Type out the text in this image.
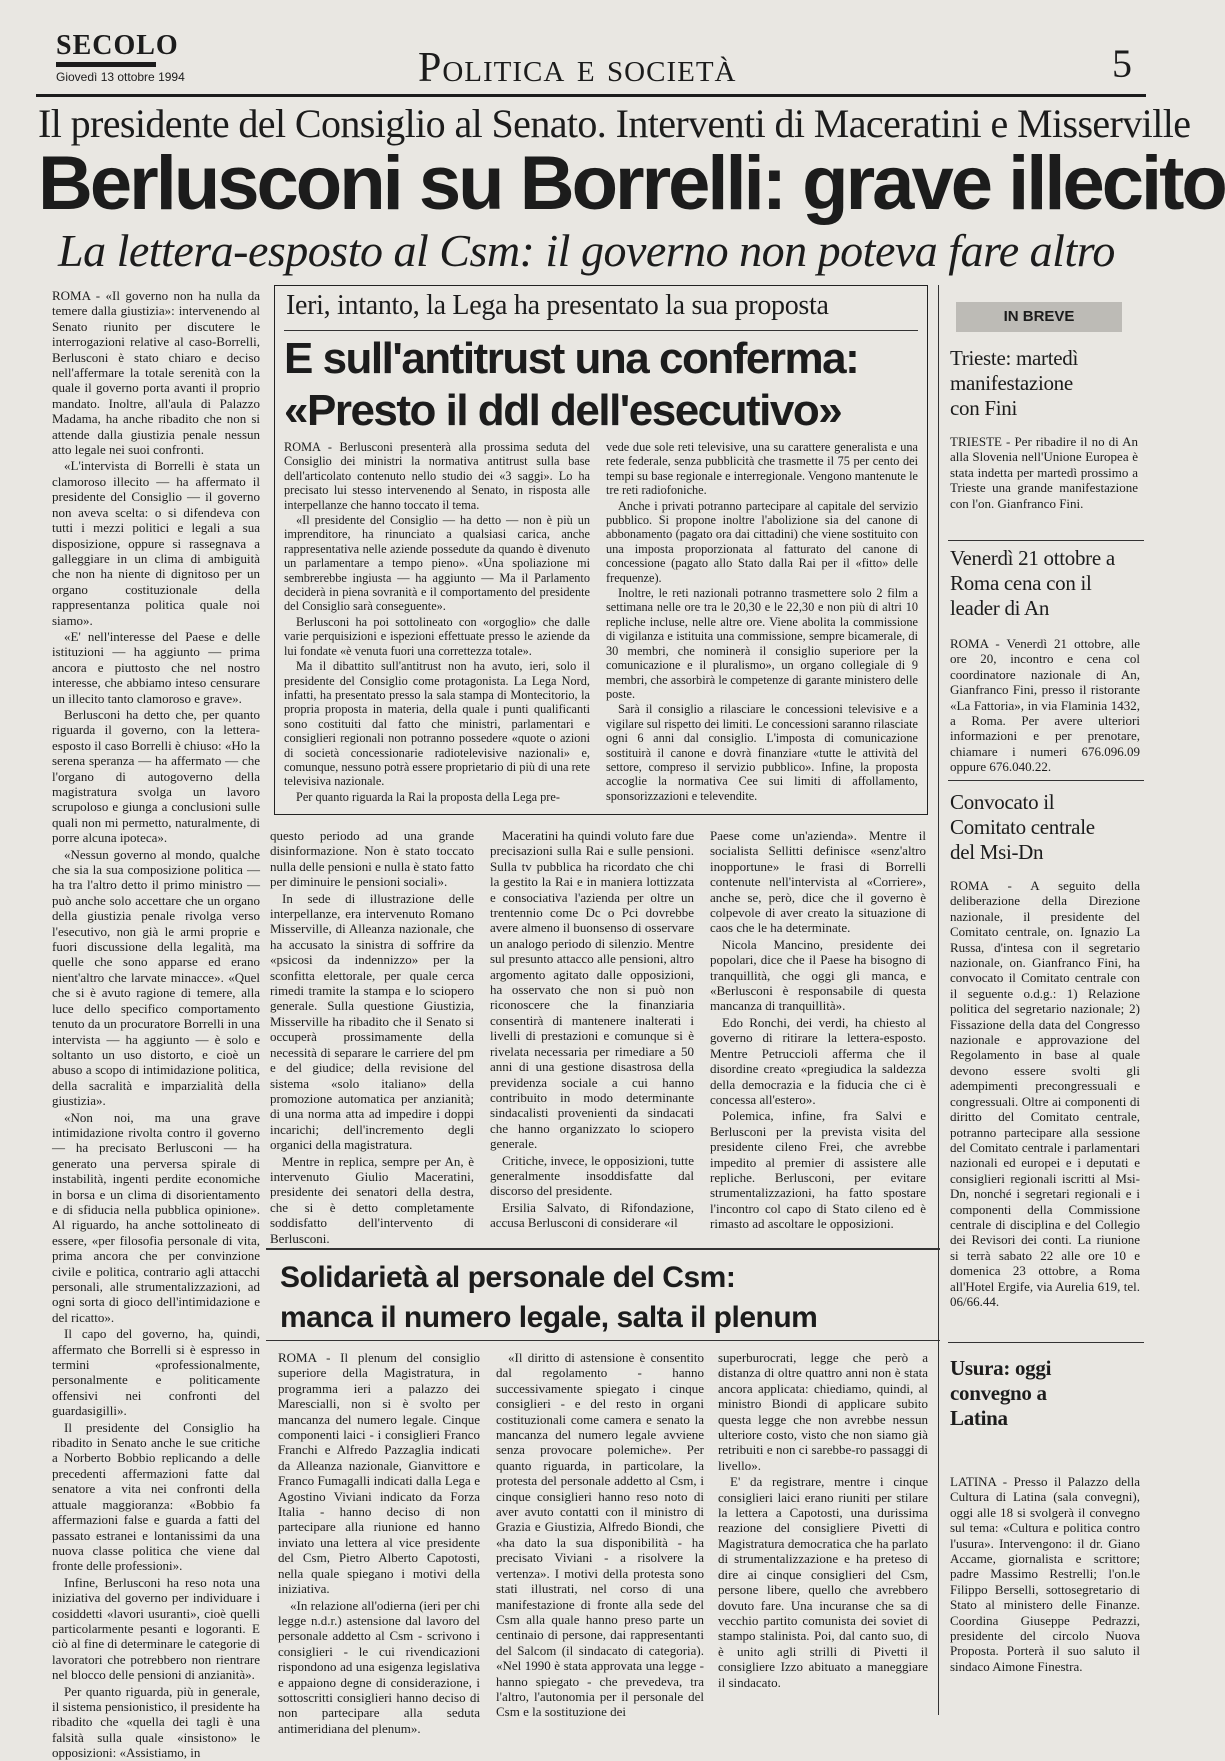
SECOLO
Giovedì 13 ottobre 1994	Politica e società	5
Il presidente del Consiglio al Senato. Interventi di Maceratini e Misserville
Berlusconi su Borrelli: grave illecito
La lettera-esposto al Csm: il governo non poteva fare altro

ROMA - «Il governo non ha nulla da temere dalla giustizia»: intervenendo al Senato riunito per discutere le interrogazioni relative al caso-Borrelli, Berlusconi è stato chiaro e deciso nell'affermare la totale serenità con la quale il governo porta avanti il proprio mandato. Inoltre, all'aula di Palazzo Madama, ha anche ribadito che non si attende dalla giustizia penale nessun atto legale nei suoi confronti.

«L'intervista di Borrelli è stata un clamoroso illecito — ha affermato il presidente del Consiglio — il governo non aveva scelta: o si difendeva con tutti i mezzi politici e legali a sua disposizione, oppure si rassegnava a galleggiare in un clima di ambiguità che non ha niente di dignitoso per un organo costituzionale della rappresentanza politica quale noi siamo».

«E' nell'interesse del Paese e delle istituzioni — ha aggiunto — prima ancora e piuttosto che nel nostro interesse, che abbiamo inteso censurare un illecito tanto clamoroso e grave».

Berlusconi ha detto che, per quanto riguarda il governo, con la lettera-esposto il caso Borrelli è chiuso: «Ho la serena speranza — ha affermato — che l'organo di autogoverno della magistratura svolga un lavoro scrupoloso e giunga a conclusioni sulle quali non mi permetto, naturalmente, di porre alcuna ipoteca».

«Nessun governo al mondo, qualche che sia la sua composizione politica — ha tra l'altro detto il primo ministro — può anche solo accettare che un organo della giustizia penale rivolga verso l'esecutivo, non già le armi proprie e fuori discussione della legalità, ma quelle che sono apparse ed erano nient'altro che larvate minacce». «Quel che si è avuto ragione di temere, alla luce dello specifico comportamento tenuto da un procuratore Borrelli in una intervista — ha aggiunto — è solo e soltanto un uso distorto, e cioè un abuso a scopo di intimidazione politica, della sacralità e imparzialità della giustizia».

«Non noi, ma una grave intimidazione rivolta contro il governo — ha precisato Berlusconi — ha generato una perversa spirale di instabilità, ingenti perdite economiche in borsa e un clima di disorientamento e di sfiducia nella pubblica opinione». Al riguardo, ha anche sottolineato di essere, «per filosofia personale di vita, prima ancora che per convinzione civile e politica, contrario agli attacchi personali, alle strumentalizzazioni, ad ogni sorta di gioco dell'intimidazione e del ricatto».

Il capo del governo, ha, quindi, affermato che Borrelli si è espresso in termini «professionalmente, personalmente e politicamente offensivi nei confronti del guardasigilli».

Il presidente del Consiglio ha ribadito in Senato anche le sue critiche a Norberto Bobbio replicando a delle precedenti affermazioni fatte dal senatore a vita nei confronti della attuale maggioranza: «Bobbio fa affermazioni false e guarda a fatti del passato estranei e lontanissimi da una nuova classe politica che viene dal fronte delle professioni».

Infine, Berlusconi ha reso nota una iniziativa del governo per individuare i cosiddetti «lavori usuranti», cioè quelli particolarmente pesanti e logoranti. E ciò al fine di determinare le categorie di lavoratori che potrebbero non rientrare nel blocco delle pensioni di anzianità».

Per quanto riguarda, più in generale, il sistema pensionistico, il presidente ha ribadito che «quella dei tagli è una falsità sulla quale «insistono» le opposizioni: «Assistiamo, in

Ieri, intanto, la Lega ha presentato la sua proposta
E sull'antitrust una conferma:
«Presto il ddl dell'esecutivo»

ROMA - Berlusconi presenterà alla prossima seduta del Consiglio dei ministri la normativa antitrust sulla base dell'articolato contenuto nello studio dei «3 saggi». Lo ha precisato lui stesso intervenendo al Senato, in risposta alle interpellanze che hanno toccato il tema.

«Il presidente del Consiglio — ha detto — non è più un imprenditore, ha rinunciato a qualsiasi carica, anche rappresentativa nelle aziende possedute da quando è divenuto un parlamentare a tempo pieno». «Una spoliazione mi sembrerebbe ingiusta — ha aggiunto — Ma il Parlamento deciderà in piena sovranità e il comportamento del presidente del Consiglio sarà conseguente».

Berlusconi ha poi sottolineato con «orgoglio» che dalle varie perquisizioni e ispezioni effettuate presso le aziende da lui fondate «è venuta fuori una correttezza totale».

Ma il dibattito sull'antitrust non ha avuto, ieri, solo il presidente del Consiglio come protagonista. La Lega Nord, infatti, ha presentato presso la sala stampa di Montecitorio, la propria proposta in materia, della quale i punti qualificanti sono costituiti dal fatto che ministri, parlamentari e consiglieri regionali non potranno possedere «quote o azioni di società concessionarie radiotelevisive nazionali» e, comunque, nessuno potrà essere proprietario di più di una rete televisiva nazionale.

Per quanto riguarda la Rai la proposta della Lega pre-

vede due sole reti televisive, una su carattere generalista e una rete federale, senza pubblicità che trasmette il 75 per cento dei tempi su base regionale e interregionale. Vengono mantenute le tre reti radiofoniche.

Anche i privati potranno partecipare al capitale del servizio pubblico. Si propone inoltre l'abolizione sia del canone di abbonamento (pagato ora dai cittadini) che viene sostituito con una imposta proporzionata al fatturato del canone di concessione (pagato allo Stato dalla Rai per il «fitto» delle frequenze).

Inoltre, le reti nazionali potranno trasmettere solo 2 film a settimana nelle ore tra le 20,30 e le 22,30 e non più di altri 10 repliche incluse, nelle altre ore. Viene abolita la commissione di vigilanza e istituita una commissione, sempre bicamerale, di 30 membri, che nominerà il consiglio superiore per la comunicazione e il pluralismo», un organo collegiale di 9 membri, che assorbirà le competenze di garante ministero delle poste.

Sarà il consiglio a rilasciare le concessioni televisive e a vigilare sul rispetto dei limiti. Le concessioni saranno rilasciate ogni 6 anni dal consiglio. L'imposta di comunicazione sostituirà il canone e dovrà finanziare «tutte le attività del settore, compreso il servizio pubblico». Infine, la proposta accoglie la normativa Cee sui limiti di affollamento, sponsorizzazioni e televendite.

questo periodo ad una grande disinformazione. Non è stato toccato nulla delle pensioni e nulla è stato fatto per diminuire le pensioni sociali».

In sede di illustrazione delle interpellanze, era intervenuto Romano Misserville, di Alleanza nazionale, che ha accusato la sinistra di soffrire da «psicosi da indennizzo» per la sconfitta elettorale, per quale cerca rimedi tramite la stampa e lo sciopero generale. Sulla questione Giustizia, Misserville ha ribadito che il Senato si occuperà prossimamente della necessità di separare le carriere del pm e del giudice; della revisione del sistema «solo italiano» della promozione automatica per anzianità; di una norma atta ad impedire i doppi incarichi; dell'incremento degli organici della magistratura.

Mentre in replica, sempre per An, è intervenuto Giulio Maceratini, presidente dei senatori della destra, che si è detto completamente soddisfatto dell'intervento di Berlusconi.

Maceratini ha quindi voluto fare due precisazioni sulla Rai e sulle pensioni. Sulla tv pubblica ha ricordato che chi la gestito la Rai e in maniera lottizzata e consociativa l'azienda per oltre un trentennio come Dc o Pci dovrebbe avere almeno il buonsenso di osservare un analogo periodo di silenzio. Mentre sul presunto attacco alle pensioni, altro argomento agitato dalle opposizioni, ha osservato che non si può non riconoscere che la finanziaria consentirà di mantenere inalterati i livelli di prestazioni e comunque si è rivelata necessaria per rimediare a 50 anni di una gestione disastrosa della previdenza sociale a cui hanno contribuito in modo determinante sindacalisti provenienti da sindacati che hanno organizzato lo sciopero generale.

Critiche, invece, le opposizioni, tutte generalmente insoddisfatte dal discorso del presidente.

Ersilia Salvato, di Rifondazione, accusa Berlusconi di considerare «il

Paese come un'azienda». Mentre il socialista Sellitti definisce «senz'altro inopportune» le frasi di Borrelli contenute nell'intervista al «Corriere», anche se, però, dice che il governo è colpevole di aver creato la situazione di caos che le ha determinate.

Nicola Mancino, presidente dei popolari, dice che il Paese ha bisogno di tranquillità, che oggi gli manca, e «Berlusconi è responsabile di questa mancanza di tranquillità».

Edo Ronchi, dei verdi, ha chiesto al governo di ritirare la lettera-esposto. Mentre Petruccioli afferma che il disordine creato «pregiudica la saldezza della democrazia e la fiducia che ci è concessa all'estero».

Polemica, infine, fra Salvi e Berlusconi per la prevista visita del presidente cileno Frei, che avrebbe impedito al premier di assistere alle repliche. Berlusconi, per evitare strumentalizzazioni, ha fatto spostare l'incontro col capo di Stato cileno ed è rimasto ad ascoltare le opposizioni.

Solidarietà al personale del Csm:
manca il numero legale, salta il plenum

ROMA - Il plenum del consiglio superiore della Magistratura, in programma ieri a palazzo dei Marescialli, non si è svolto per mancanza del numero legale. Cinque componenti laici - i consiglieri Franco Franchi e Alfredo Pazzaglia indicati da Alleanza nazionale, Gianvittore e Franco Fumagalli indicati dalla Lega e Agostino Viviani indicato da Forza Italia - hanno deciso di non partecipare alla riunione ed hanno inviato una lettera al vice presidente del Csm, Pietro Alberto Capotosti, nella quale spiegano i motivi della iniziativa.

«In relazione all'odierna (ieri per chi legge n.d.r.) astensione dal lavoro del personale addetto al Csm - scrivono i consiglieri - le cui rivendicazioni rispondono ad una esigenza legislativa e appaiono degne di considerazione, i sottoscritti consiglieri hanno deciso di non partecipare alla seduta antimeridiana del plenum».

«Il diritto di astensione è consentito dal regolamento - hanno successivamente spiegato i cinque consiglieri - e del resto in organi costituzionali come camera e senato la mancanza del numero legale avviene senza provocare polemiche». Per quanto riguarda, in particolare, la protesta del personale addetto al Csm, i cinque consiglieri hanno reso noto di aver avuto contatti con il ministro di Grazia e Giustizia, Alfredo Biondi, che «ha dato la sua disponibilità - ha precisato Viviani - a risolvere la vertenza». I motivi della protesta sono stati illustrati, nel corso di una manifestazione di fronte alla sede del Csm alla quale hanno preso parte un centinaio di persone, dai rappresentanti del Salcom (il sindacato di categoria). «Nel 1990 è stata approvata una legge - hanno spiegato - che prevedeva, tra l'altro, l'autonomia per il personale del Csm e la sostituzione dei

superburocrati, legge che però a distanza di oltre quattro anni non è stata ancora applicata: chiediamo, quindi, al ministro Biondi di applicare subito questa legge che non avrebbe nessun ulteriore costo, visto che non siamo già retribuiti e non ci sarebbe-ro passaggi di livello».

E' da registrare, mentre i cinque consiglieri laici erano riuniti per stilare la lettera a Capotosti, una durissima reazione del consigliere Pivetti di Magistratura democratica che ha parlato di strumentalizzazione e ha preteso di dire ai cinque consiglieri del Csm, persone libere, quello che avrebbero dovuto fare. Una incuranse che sa di vecchio partito comunista dei soviet di stampo stalinista. Poi, dal canto suo, di è unito agli strilli di Pivetti il consigliere Izzo abituato a maneggiare il sindacato.

IN BREVE
Trieste: martedì manifestazione con Fini

TRIESTE - Per ribadire il no di An alla Slovenia nell'Unione Europea è stata indetta per martedì prossimo a Trieste una grande manifestazione con l'on. Gianfranco Fini.

Venerdì 21 ottobre a Roma cena con il leader di An

ROMA - Venerdì 21 ottobre, alle ore 20, incontro e cena col coordinatore nazionale di An, Gianfranco Fini, presso il ristorante «La Fattoria», in via Flaminia 1432, a Roma. Per avere ulteriori informazioni e per prenotare, chiamare i numeri 676.096.09 oppure 676.040.22.

Convocato il Comitato centrale del Msi-Dn

ROMA - A seguito della deliberazione della Direzione nazionale, il presidente del Comitato centrale, on. Ignazio La Russa, d'intesa con il segretario nazionale, on. Gianfranco Fini, ha convocato il Comitato centrale con il seguente o.d.g.: 1) Relazione politica del segretario nazionale; 2) Fissazione della data del Congresso nazionale e approvazione del Regolamento in base al quale devono essere svolti gli adempimenti precongressuali e congressuali. Oltre ai componenti di diritto del Comitato centrale, potranno partecipare alla sessione del Comitato centrale i parlamentari nazionali ed europei e i deputati e consiglieri regionali iscritti al Msi-Dn, nonché i segretari regionali e i componenti della Commissione centrale di disciplina e del Collegio dei Revisori dei conti. La riunione si terrà sabato 22 alle ore 10 e domenica 23 ottobre, a Roma all'Hotel Ergife, via Aurelia 619, tel. 06/66.44.

Usura: oggi convegno a Latina

LATINA - Presso il Palazzo della Cultura di Latina (sala convegni), oggi alle 18 si svolgerà il convegno sul tema: «Cultura e politica contro l'usura». Intervengono: il dr. Giano Accame, giornalista e scrittore; padre Massimo Restrelli; l'on.le Filippo Berselli, sottosegretario di Stato al ministero delle Finanze. Coordina Giuseppe Pedrazzi, presidente del circolo Nuova Proposta. Porterà il suo saluto il sindaco Aimone Finestra.
